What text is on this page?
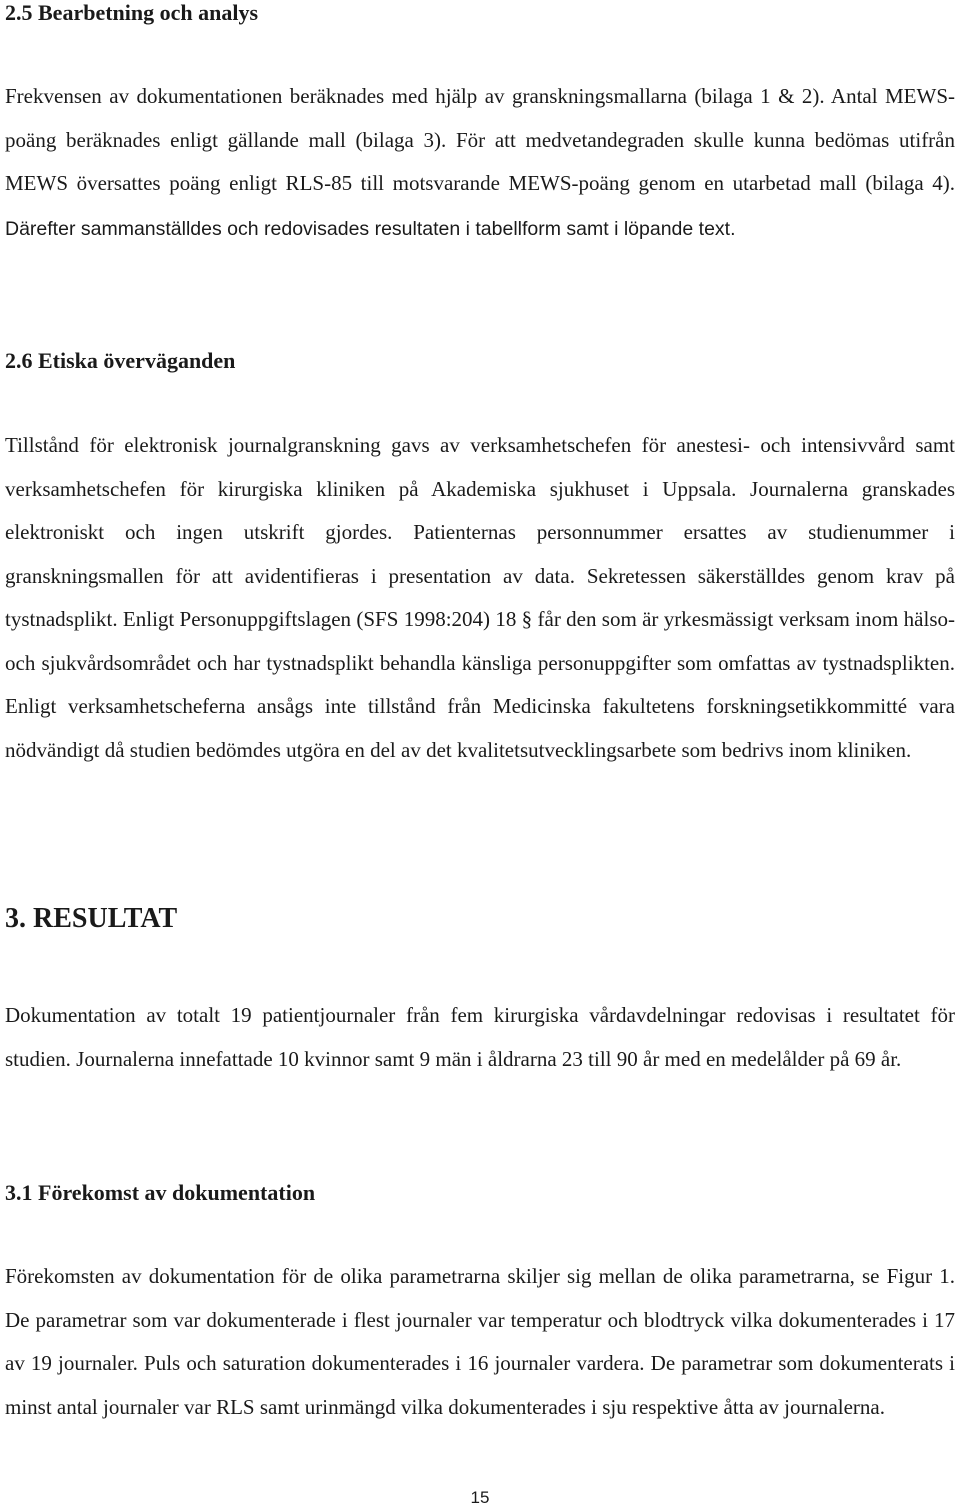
2.5 Bearbetning och analys

Frekvensen av dokumentationen beräknades med hjälp av granskningsmallarna (bilaga 1 & 2). Antal MEWS-poäng beräknades enligt gällande mall (bilaga 3). För att medvetandegraden skulle kunna bedömas utifrån MEWS översattes poäng enligt RLS-85 till motsvarande MEWS-poäng genom en utarbetad mall (bilaga 4). Därefter sammanställdes och redovisades resultaten i tabellform samt i löpande text.

2.6 Etiska överväganden

Tillstånd för elektronisk journalgranskning gavs av verksamhetschefen för anestesi- och intensivvård samt verksamhetschefen för kirurgiska kliniken på Akademiska sjukhuset i Uppsala. Journalerna granskades elektroniskt och ingen utskrift gjordes. Patienternas personnummer ersattes av studienummer i granskningsmallen för att avidentifieras i presentation av data. Sekretessen säkerställdes genom krav på tystnadsplikt. Enligt Personuppgiftslagen (SFS 1998:204) 18 § får den som är yrkesmässigt verksam inom hälso- och sjukvårdsområdet och har tystnadsplikt behandla känsliga personuppgifter som omfattas av tystnadsplikten. Enligt verksamhetscheferna ansågs inte tillstånd från Medicinska fakultetens forskningsetikkommitté vara nödvändigt då studien bedömdes utgöra en del av det kvalitetsutvecklingsarbete som bedrivs inom kliniken.

3. RESULTAT

Dokumentation av totalt 19 patientjournaler från fem kirurgiska vårdavdelningar redovisas i resultatet för studien. Journalerna innefattade 10 kvinnor samt 9 män i åldrarna 23 till 90 år med en medelålder på 69 år.

3.1 Förekomst av dokumentation

Förekomsten av dokumentation för de olika parametrarna skiljer sig mellan de olika parametrarna, se Figur 1. De parametrar som var dokumenterade i flest journaler var temperatur och blodtryck vilka dokumenterades i 17 av 19 journaler. Puls och saturation dokumenterades i 16 journaler vardera. De parametrar som dokumenterats i minst antal journaler var RLS samt urinmängd vilka dokumenterades i sju respektive åtta av journalerna.

15
